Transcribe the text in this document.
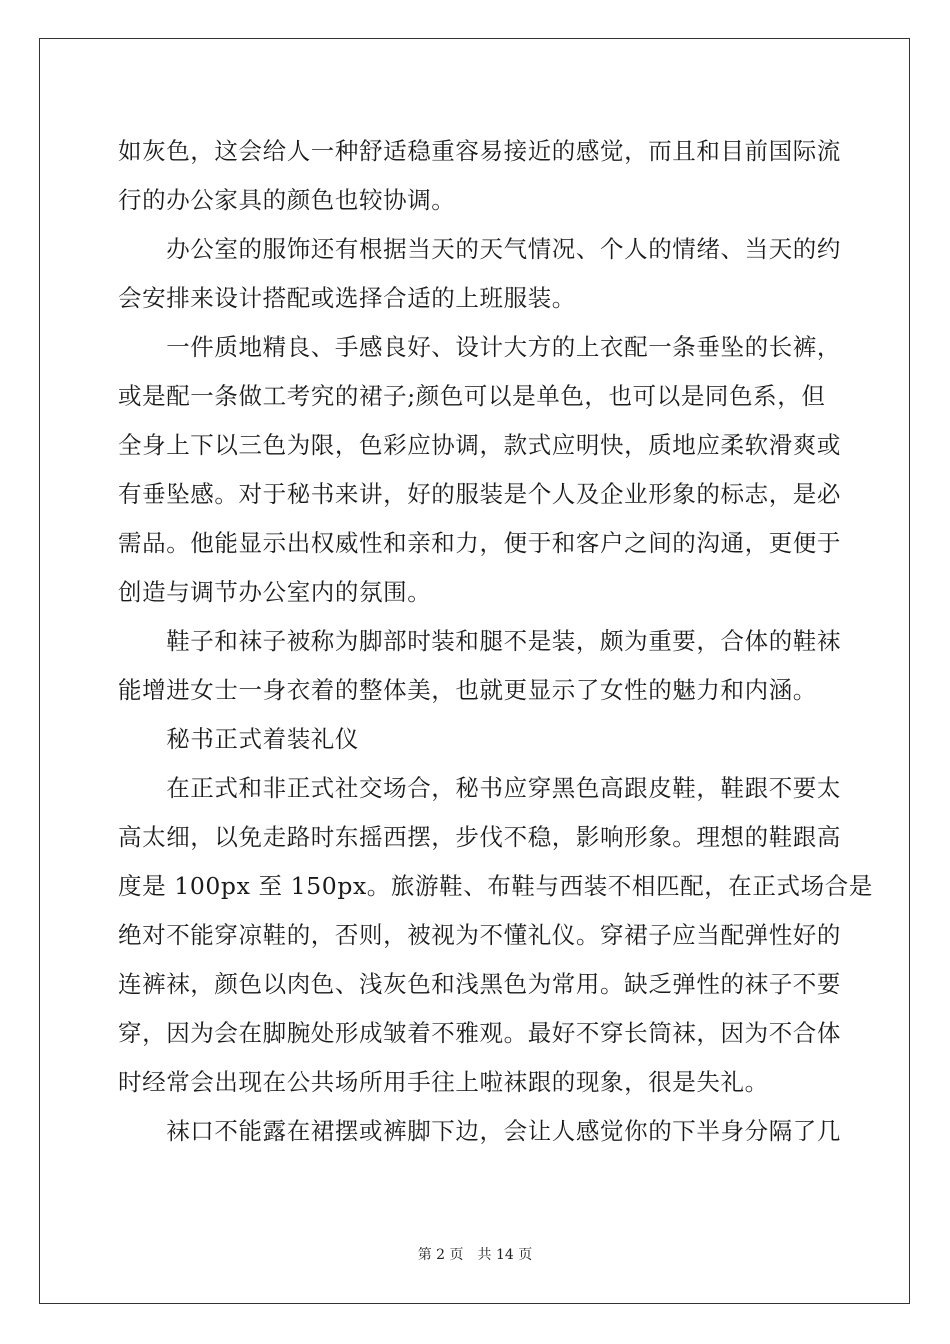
如灰色，这会给人一种舒适稳重容易接近的感觉，而且和目前国际流
行的办公家具的颜色也较协调。
　　办公室的服饰还有根据当天的天气情况、个人的情绪、当天的约
会安排来设计搭配或选择合适的上班服装。
　　一件质地精良、手感良好、设计大方的上衣配一条垂坠的长裤，
或是配一条做工考究的裙子;颜色可以是单色，也可以是同色系，但
全身上下以三色为限，色彩应协调，款式应明快，质地应柔软滑爽或
有垂坠感。对于秘书来讲，好的服装是个人及企业形象的标志，是必
需品。他能显示出权威性和亲和力，便于和客户之间的沟通，更便于
创造与调节办公室内的氛围。
　　鞋子和袜子被称为脚部时装和腿不是装，颇为重要，合体的鞋袜
能增进女士一身衣着的整体美，也就更显示了女性的魅力和内涵。
　　秘书正式着装礼仪
　　在正式和非正式社交场合，秘书应穿黑色高跟皮鞋，鞋跟不要太
高太细，以免走路时东摇西摆，步伐不稳，影响形象。理想的鞋跟高
度是 100px 至 150px。旅游鞋、布鞋与西装不相匹配，在正式场合是
绝对不能穿凉鞋的，否则，被视为不懂礼仪。穿裙子应当配弹性好的
连裤袜，颜色以肉色、浅灰色和浅黑色为常用。缺乏弹性的袜子不要
穿，因为会在脚腕处形成皱着不雅观。最好不穿长筒袜，因为不合体
时经常会出现在公共场所用手往上啦袜跟的现象，很是失礼。
　　袜口不能露在裙摆或裤脚下边，会让人感觉你的下半身分隔了几
第 2 页　 共 14 页
